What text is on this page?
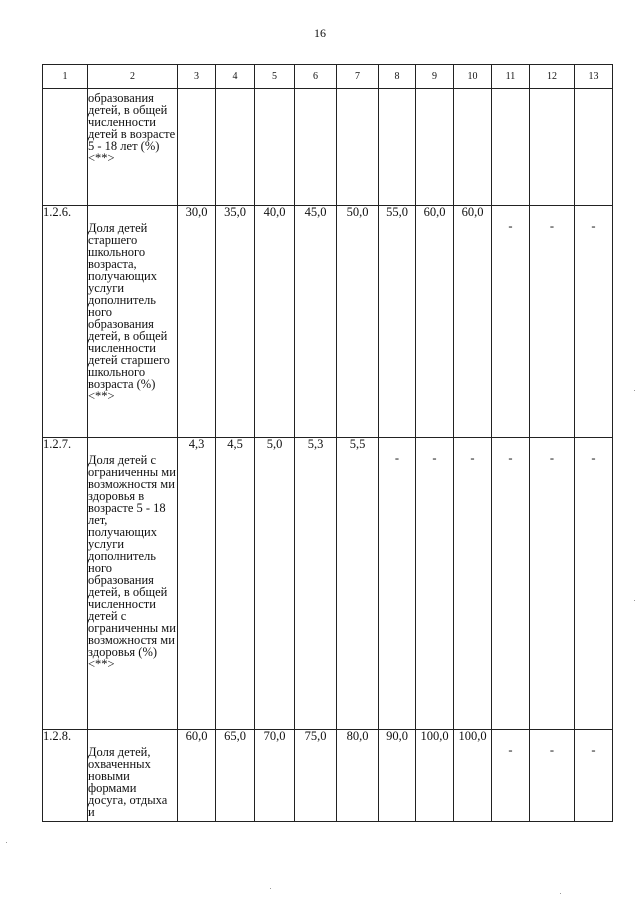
16
1	2	3	4	5	6	7	8	9	10	11	12	13
	образования детей, в общей численности детей в возрасте 5 - 18 лет (%) <**>											
1.2.6.	Доля детей старшего школьного возраста, получающих услуги дополнитель ного образования детей, в общей численности детей старшего школьного возраста (%) <**>	30,0	35,0	40,0	45,0	50,0	55,0	60,0	60,0	-	-	-
1.2.7.	Доля детей с ограниченны ми возможностя ми здоровья в возрасте 5 - 18 лет, получающих услуги дополнитель ного образования детей, в общей численности детей с ограниченны ми возможностя ми здоровья (%) <**>	4,3	4,5	5,0	5,3	5,5	-	-	-	-	-	-
1.2.8.	Доля детей, охваченных новыми формами досуга, отдыха и	60,0	65,0	70,0	75,0	80,0	90,0	100,0	100,0	-	-	-
